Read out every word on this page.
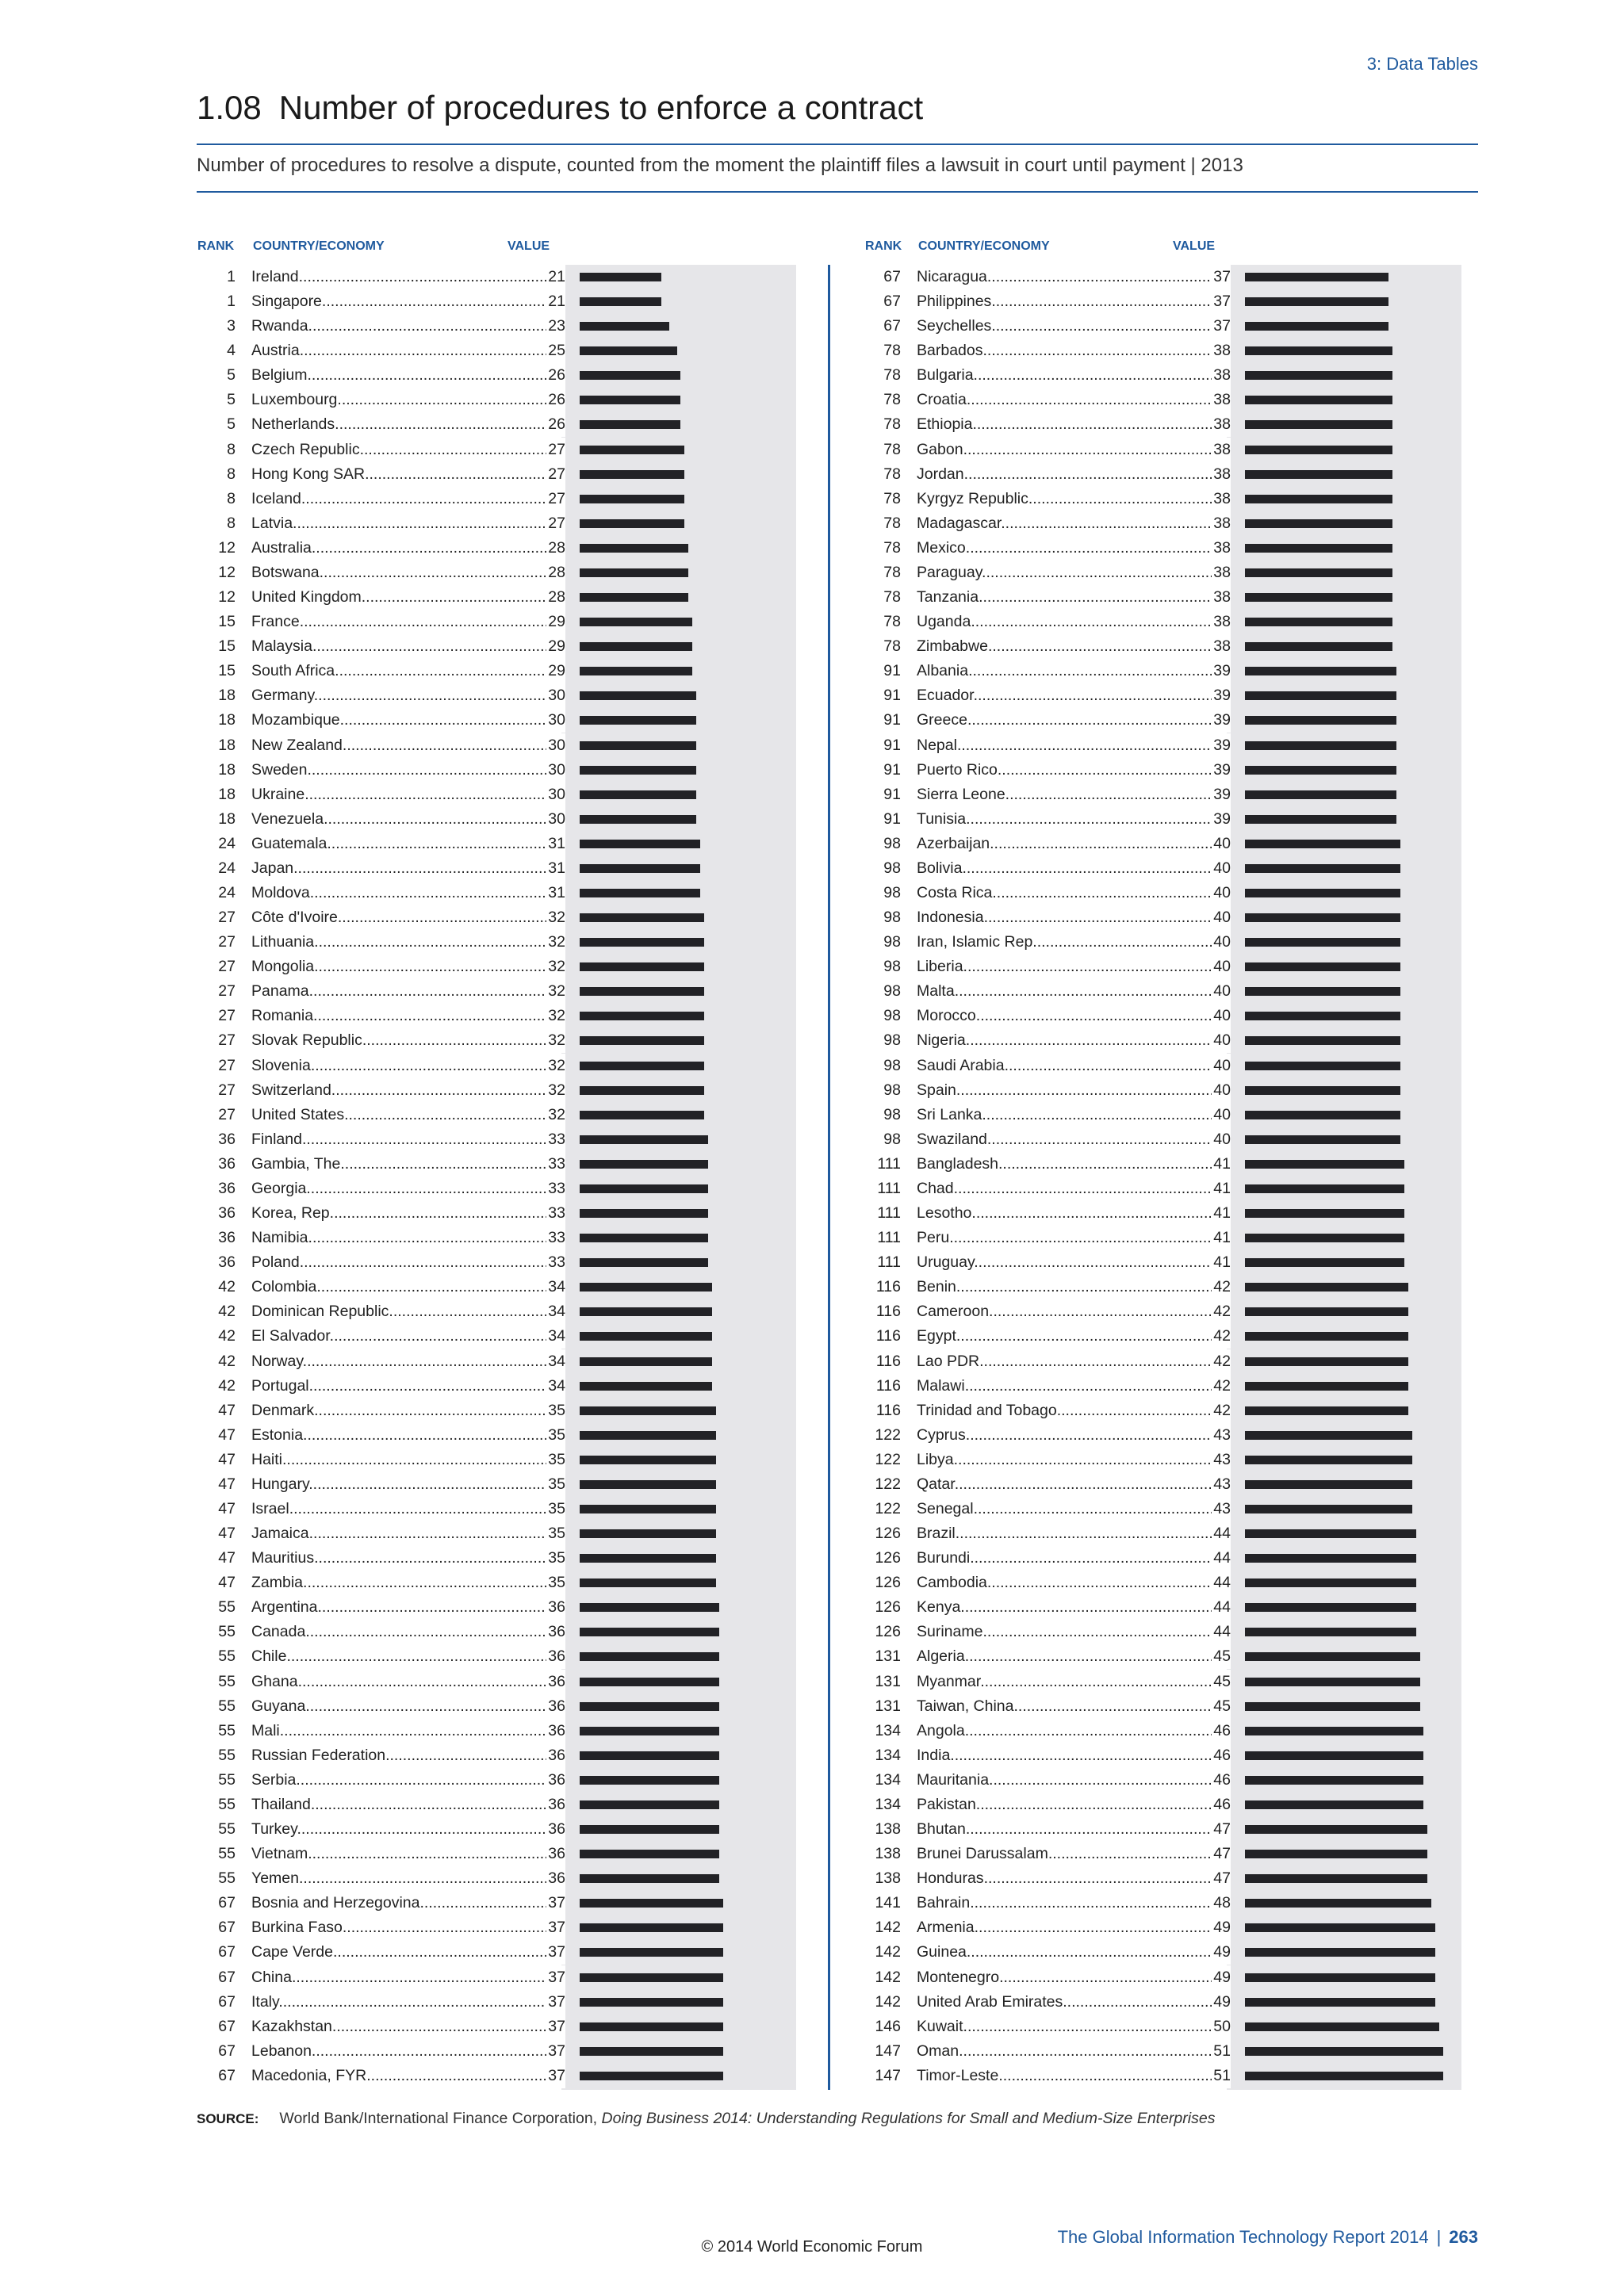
3: Data Tables
1.08 Number of procedures to enforce a contract
Number of procedures to resolve a dispute, counted from the moment the plaintiff files a lawsuit in court until payment | 2013
RANK COUNTRY/ECONOMY	VALUE	RANK COUNTRY/ECONOMY	VALUE
1 Ireland .....	21
1 Singapore .....	21
3 Rwanda .....	23
4 Austria .....	25
5 Belgium .....	26
5 Luxembourg .....	26
5 Netherlands .....	26
8 Czech Republic .....	27
8 Hong Kong SAR .....	27
8 Iceland .....	27
8 Latvia .....	27
12 Australia .....	28
12 Botswana .....	28
12 United Kingdom .....	28
15 France .....	29
15 Malaysia .....	29
15 South Africa .....	29
18 Germany .....	30
18 Mozambique .....	30
18 New Zealand .....	30
18 Sweden .....	30
18 Ukraine .....	30
18 Venezuela .....	30
24 Guatemala .....	31
24 Japan .....	31
24 Moldova .....	31
27 Côte d'Ivoire .....	32
27 Lithuania .....	32
27 Mongolia .....	32
27 Panama .....	32
27 Romania .....	32
27 Slovak Republic .....	32
27 Slovenia .....	32
27 Switzerland .....	32
27 United States .....	32
36 Finland .....	33
36 Gambia, The .....	33
36 Georgia .....	33
36 Korea, Rep. .....	33
36 Namibia .....	33
36 Poland .....	33
42 Colombia .....	34
42 Dominican Republic .....	34
42 El Salvador .....	34
42 Norway .....	34
42 Portugal .....	34
47 Denmark .....	35
47 Estonia .....	35
47 Haiti .....	35
47 Hungary .....	35
47 Israel .....	35
47 Jamaica .....	35
47 Mauritius .....	35
47 Zambia .....	35
55 Argentina .....	36
55 Canada .....	36
55 Chile .....	36
55 Ghana .....	36
55 Guyana .....	36
55 Mali .....	36
55 Russian Federation .....	36
55 Serbia .....	36
55 Thailand .....	36
55 Turkey .....	36
55 Vietnam .....	36
55 Yemen .....	36
67 Bosnia and Herzegovina .....	37
67 Burkina Faso .....	37
67 Cape Verde .....	37
67 China .....	37
67 Italy .....	37
67 Kazakhstan .....	37
67 Lebanon .....	37
67 Macedonia, FYR .....	37
67 Nicaragua .....	37
67 Philippines .....	37
67 Seychelles .....	37
78 Barbados .....	38
78 Bulgaria .....	38
78 Croatia .....	38
78 Ethiopia .....	38
78 Gabon .....	38
78 Jordan .....	38
78 Kyrgyz Republic .....	38
78 Madagascar .....	38
78 Mexico .....	38
78 Paraguay .....	38
78 Tanzania .....	38
78 Uganda .....	38
78 Zimbabwe .....	38
91 Albania .....	39
91 Ecuador .....	39
91 Greece .....	39
91 Nepal .....	39
91 Puerto Rico .....	39
91 Sierra Leone .....	39
91 Tunisia .....	39
98 Azerbaijan .....	40
98 Bolivia .....	40
98 Costa Rica .....	40
98 Indonesia .....	40
98 Iran, Islamic Rep. .....	40
98 Liberia .....	40
98 Malta .....	40
98 Morocco .....	40
98 Nigeria .....	40
98 Saudi Arabia .....	40
98 Spain .....	40
98 Sri Lanka .....	40
98 Swaziland .....	40
111 Bangladesh .....	41
111 Chad .....	41
111 Lesotho .....	41
111 Peru .....	41
111 Uruguay .....	41
116 Benin .....	42
116 Cameroon .....	42
116 Egypt .....	42
116 Lao PDR .....	42
116 Malawi .....	42
116 Trinidad and Tobago .....	42
122 Cyprus .....	43
122 Libya .....	43
122 Qatar .....	43
122 Senegal .....	43
126 Brazil .....	44
126 Burundi .....	44
126 Cambodia .....	44
126 Kenya .....	44
126 Suriname .....	44
131 Algeria .....	45
131 Myanmar .....	45
131 Taiwan, China .....	45
134 Angola .....	46
134 India .....	46
134 Mauritania .....	46
134 Pakistan .....	46
138 Bhutan .....	47
138 Brunei Darussalam .....	47
138 Honduras .....	47
141 Bahrain .....	48
142 Armenia .....	49
142 Guinea .....	49
142 Montenegro .....	49
142 United Arab Emirates .....	49
146 Kuwait .....	50
147 Oman .....	51
147 Timor-Leste .....	51
SOURCE: World Bank/International Finance Corporation, Doing Business 2014: Understanding Regulations for Small and Medium-Size Enterprises
The Global Information Technology Report 2014 | 263
© 2014 World Economic Forum
